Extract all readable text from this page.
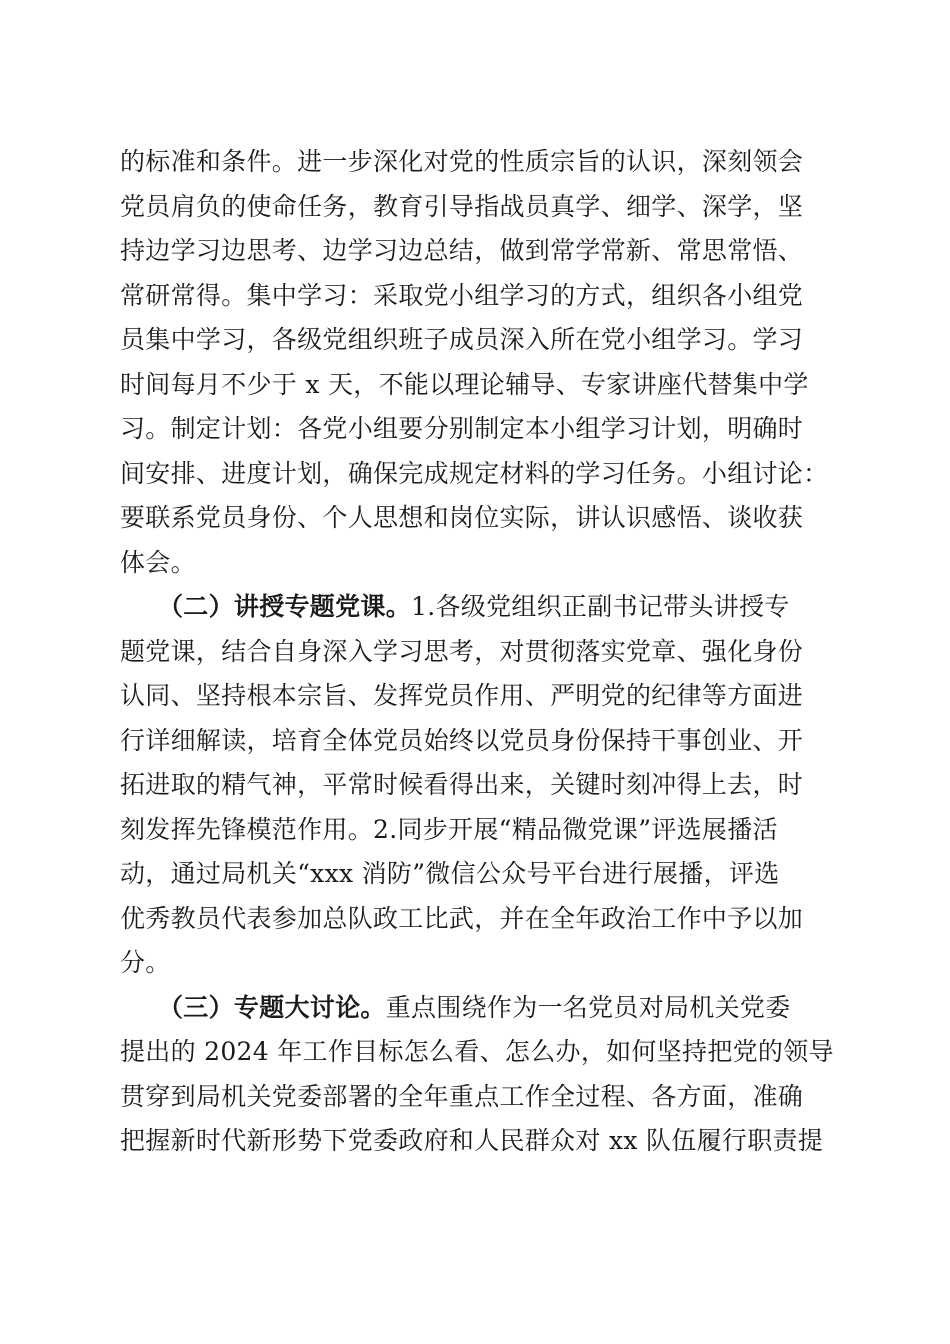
的标准和条件。进一步深化对党的性质宗旨的认识，深刻领会
党员肩负的使命任务，教育引导指战员真学、细学、深学，坚
持边学习边思考、边学习边总结，做到常学常新、常思常悟、
常研常得。集中学习：采取党小组学习的方式，组织各小组党
员集中学习，各级党组织班子成员深入所在党小组学习。学习
时间每月不少于 x 天，不能以理论辅导、专家讲座代替集中学
习。制定计划：各党小组要分别制定本小组学习计划，明确时
间安排、进度计划，确保完成规定材料的学习任务。小组讨论：
要联系党员身份、个人思想和岗位实际，讲认识感悟、谈收获
体会。
（二）讲授专题党课。1.各级党组织正副书记带头讲授专
题党课，结合自身深入学习思考，对贯彻落实党章、强化身份
认同、坚持根本宗旨、发挥党员作用、严明党的纪律等方面进
行详细解读，培育全体党员始终以党员身份保持干事创业、开
拓进取的精气神，平常时候看得出来，关键时刻冲得上去，时
刻发挥先锋模范作用。2.同步开展“精品微党课”评选展播活
动，通过局机关“xxx 消防”微信公众号平台进行展播，评选
优秀教员代表参加总队政工比武，并在全年政治工作中予以加
分。
（三）专题大讨论。重点围绕作为一名党员对局机关党委
提出的 2024 年工作目标怎么看、怎么办，如何坚持把党的领导
贯穿到局机关党委部署的全年重点工作全过程、各方面，准确
把握新时代新形势下党委政府和人民群众对 xx 队伍履行职责提
